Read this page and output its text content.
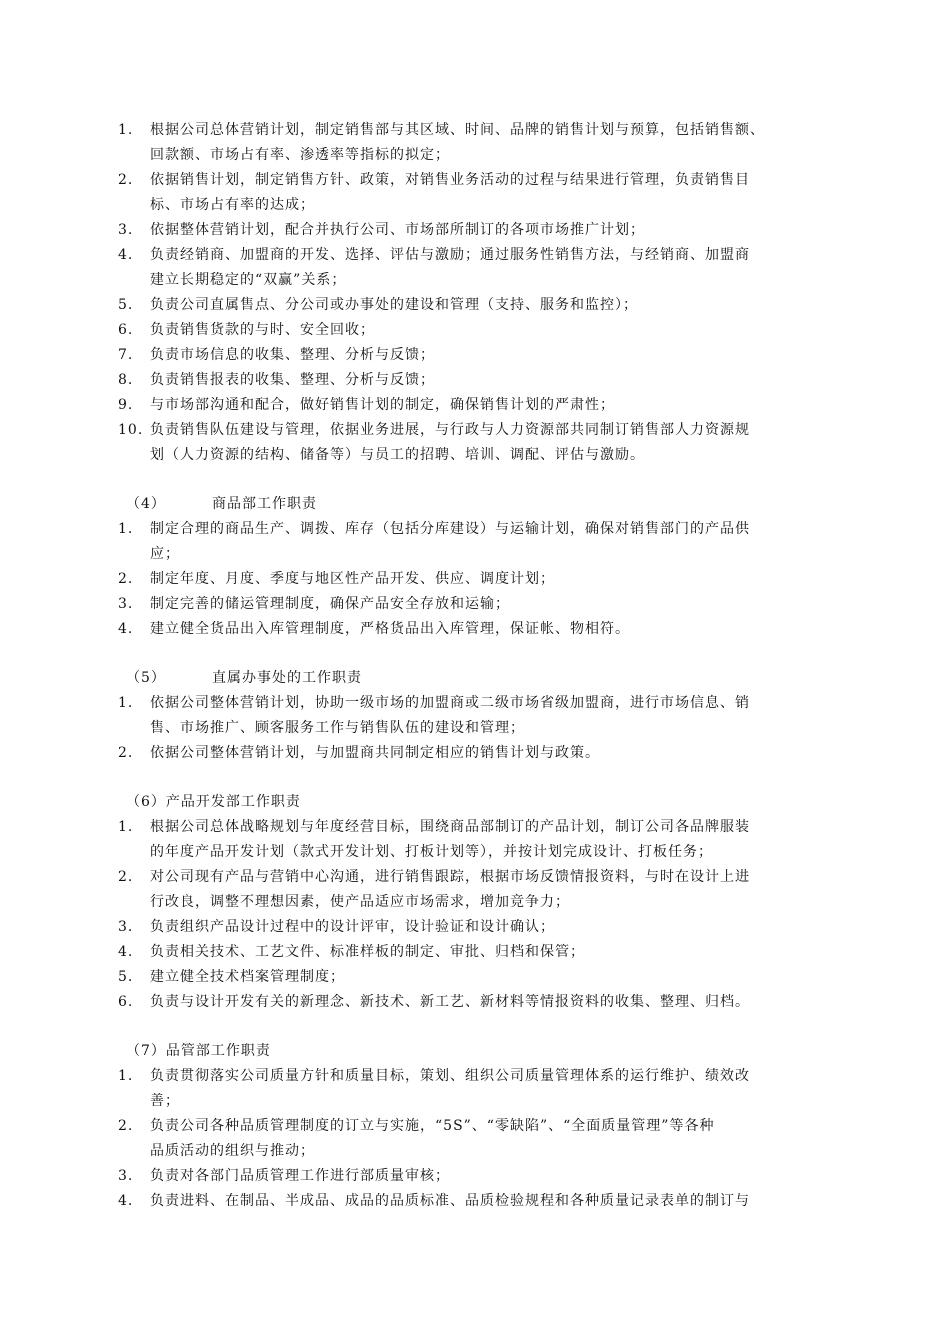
1. 根据公司总体营销计划，制定销售部与其区域、时间、品牌的销售计划与预算，包括销售额、
回款额、市场占有率、渗透率等指标的拟定；
2. 依据销售计划，制定销售方针、政策，对销售业务活动的过程与结果进行管理，负责销售目
标、市场占有率的达成；
3. 依据整体营销计划，配合并执行公司、市场部所制订的各项市场推广计划；
4. 负责经销商、加盟商的开发、选择、评估与激励；通过服务性销售方法，与经销商、加盟商
建立长期稳定的“双赢”关系；
5. 负责公司直属售点、分公司或办事处的建设和管理（支持、服务和监控）；
6. 负责销售货款的与时、安全回收；
7. 负责市场信息的收集、整理、分析与反馈；
8. 负责销售报表的收集、整理、分析与反馈；
9. 与市场部沟通和配合，做好销售计划的制定，确保销售计划的严肃性；
10. 负责销售队伍建设与管理，依据业务进展，与行政与人力资源部共同制订销售部人力资源规
划（人力资源的结构、储备等）与员工的招聘、培训、调配、评估与激励。
（4）	商品部工作职责
1. 制定合理的商品生产、调拨、库存（包括分库建设）与运输计划，确保对销售部门的产品供
应；
2. 制定年度、月度、季度与地区性产品开发、供应、调度计划；
3. 制定完善的储运管理制度，确保产品安全存放和运输；
4. 建立健全货品出入库管理制度，严格货品出入库管理，保证帐、物相符。
（5）	直属办事处的工作职责
1. 依据公司整体营销计划，协助一级市场的加盟商或二级市场省级加盟商，进行市场信息、销
售、市场推广、顾客服务工作与销售队伍的建设和管理；
2. 依据公司整体营销计划，与加盟商共同制定相应的销售计划与政策。
（6）产品开发部工作职责
1. 根据公司总体战略规划与年度经营目标，围绕商品部制订的产品计划，制订公司各品牌服装
的年度产品开发计划（款式开发计划、打板计划等），并按计划完成设计、打板任务；
2. 对公司现有产品与营销中心沟通，进行销售跟踪，根据市场反馈情报资料，与时在设计上进
行改良，调整不理想因素，使产品适应市场需求，增加竞争力；
3. 负责组织产品设计过程中的设计评审，设计验证和设计确认；
4. 负责相关技术、工艺文件、标准样板的制定、审批、归档和保管；
5. 建立健全技术档案管理制度；
6. 负责与设计开发有关的新理念、新技术、新工艺、新材料等情报资料的收集、整理、归档。
（7）品管部工作职责
1. 负责贯彻落实公司质量方针和质量目标，策划、组织公司质量管理体系的运行维护、绩效改
善；
2. 负责公司各种品质管理制度的订立与实施，“5S”、“零缺陷”、“全面质量管理”等各种
品质活动的组织与推动；
3. 负责对各部门品质管理工作进行部质量审核；
4. 负责进料、在制品、半成品、成品的品质标准、品质检验规程和各种质量记录表单的制订与
